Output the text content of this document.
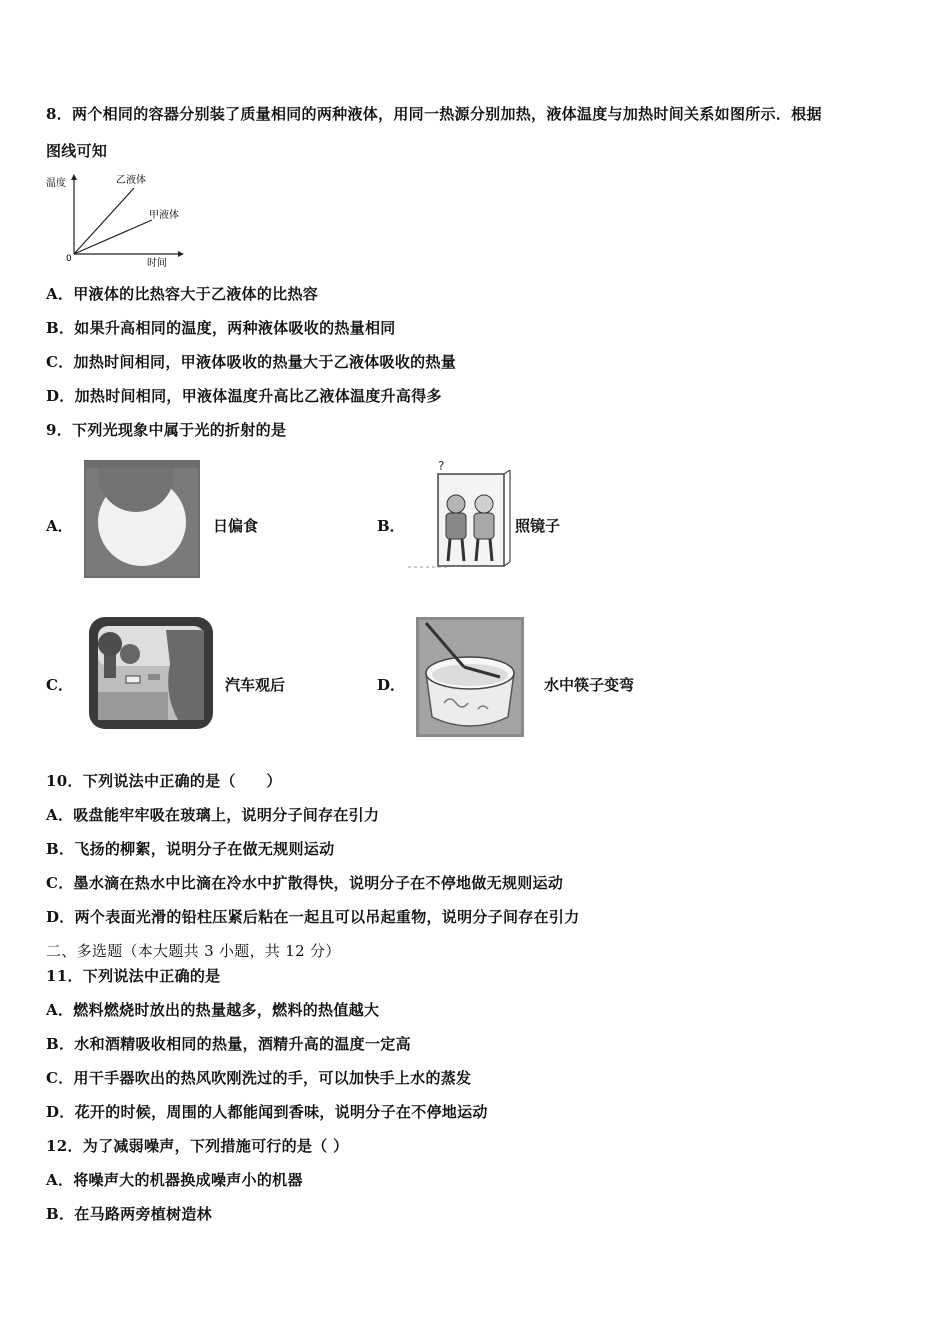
8．两个相同的容器分别装了质量相同的两种液体，用同一热源分别加热，液体温度与加热时间关系如图所示．根据
图线可知
温度
时间
0
乙液体
甲液体
A．甲液体的比热容大于乙液体的比热容
B．如果升高相同的温度，两种液体吸收的热量相同
C．加热时间相同，甲液体吸收的热量大于乙液体吸收的热量
D．加热时间相同，甲液体温度升高比乙液体温度升高得多
9．下列光现象中属于光的折射的是
A．	日偏食	B．
?
照镜子
C．	汽车观后	D．	水中筷子变弯
10．下列说法中正确的是（　　）
A．吸盘能牢牢吸在玻璃上，说明分子间存在引力
B．飞扬的柳絮，说明分子在做无规则运动
C．墨水滴在热水中比滴在冷水中扩散得快，说明分子在不停地做无规则运动
D．两个表面光滑的铅柱压紧后粘在一起且可以吊起重物，说明分子间存在引力
二、多选题（本大题共 3 小题，共 12 分）
11．下列说法中正确的是
A．燃料燃烧时放出的热量越多，燃料的热值越大
B．水和酒精吸收相同的热量，酒精升高的温度一定高
C．用干手器吹出的热风吹刚洗过的手，可以加快手上水的蒸发
D．花开的时候，周围的人都能闻到香味，说明分子在不停地运动
12．为了减弱噪声，下列措施可行的是（ ）
A．将噪声大的机器换成噪声小的机器
B．在马路两旁植树造林
